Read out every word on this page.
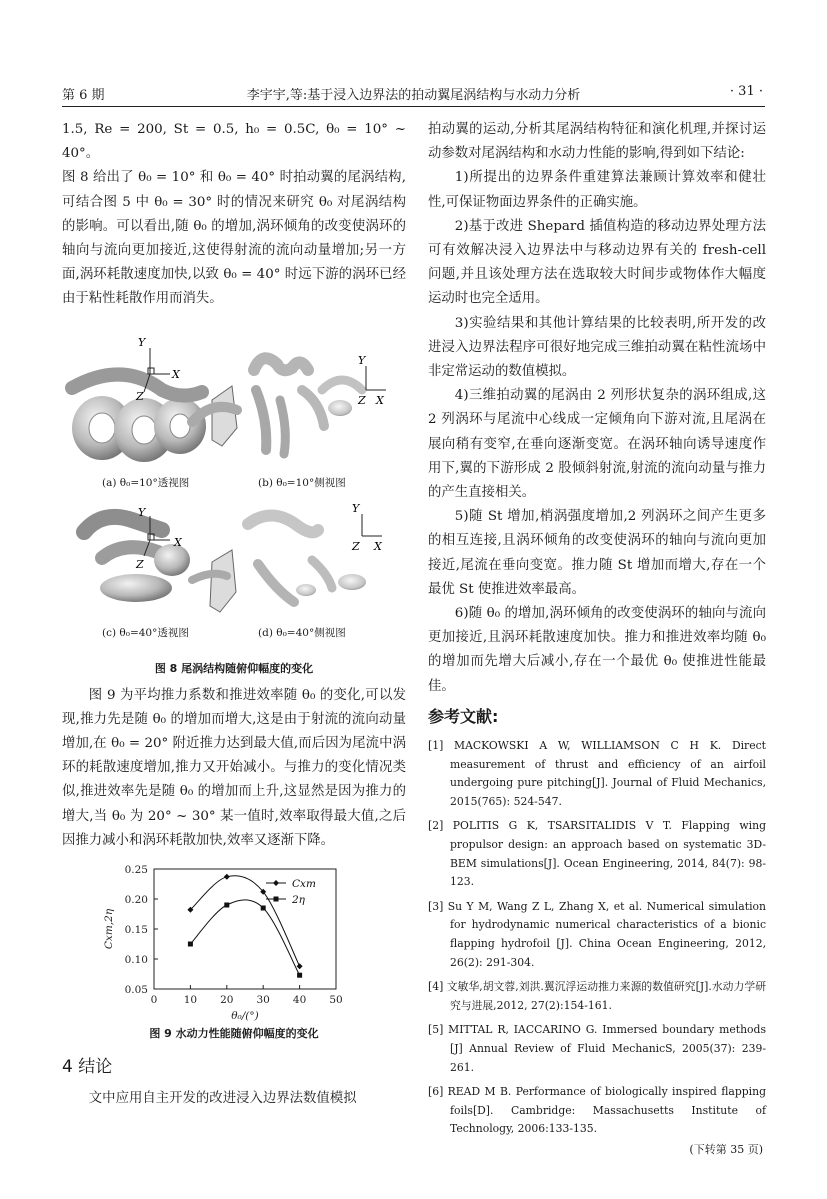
第 6 期	李宇宇,等:基于浸入边界法的拍动翼尾涡结构与水动力分析	· 31 ·

1.5, Re = 200, St = 0.5, h₀ = 0.5C, θ₀ = 10° ~ 40°。

图 8 给出了 θ₀ = 10° 和 θ₀ = 40° 时拍动翼的尾涡结构,可结合图 5 中 θ₀ = 30° 时的情况来研究 θ₀ 对尾涡结构的影响。可以看出,随 θ₀ 的增加,涡环倾角的改变使涡环的轴向与流向更加接近,这使得射流的流向动量增加;另一方面,涡环耗散速度加快,以致 θ₀ = 40° 时远下游的涡环已经由于粘性耗散作用而消失。

Y
X
Z
Y
Z X
Y
X
Z
Y
Z X
(a) θ₀=10°透视图	(b) θ₀=10°侧视图
(c) θ₀=40°透视图	(d) θ₀=40°侧视图
图 8 尾涡结构随俯仰幅度的变化

图 9 为平均推力系数和推进效率随 θ₀ 的变化,可以发现,推力先是随 θ₀ 的增加而增大,这是由于射流的流向动量增加,在 θ₀ = 20° 附近推力达到最大值,而后因为尾流中涡环的耗散速度增加,推力又开始减小。与推力的变化情况类似,推进效率先是随 θ₀ 的增加而上升,这显然是因为推力的增大,当 θ₀ 为 20° ~ 30° 某一值时,效率取得最大值,之后因推力减小和涡环耗散加快,效率又逐渐下降。

0	10 20 30 40 50
0.05
0.10
0.15
0.20
0.25
θ₀/(°)
Cxm,2η
Cxm
2η
图 9 水动力性能随俯仰幅度的变化
4 结论

文中应用自主开发的改进浸入边界法数值模拟

拍动翼的运动,分析其尾涡结构特征和演化机理,并探讨运动参数对尾涡结构和水动力性能的影响,得到如下结论:

1)所提出的边界条件重建算法兼顾计算效率和健壮性,可保证物面边界条件的正确实施。

2)基于改进 Shepard 插值构造的移动边界处理方法可有效解决浸入边界法中与移动边界有关的 fresh-cell 问题,并且该处理方法在选取较大时间步或物体作大幅度运动时也完全适用。

3)实验结果和其他计算结果的比较表明,所开发的改进浸入边界法程序可很好地完成三维拍动翼在粘性流场中非定常运动的数值模拟。

4)三维拍动翼的尾涡由 2 列形状复杂的涡环组成,这 2 列涡环与尾流中心线成一定倾角向下游对流,且尾涡在展向稍有变窄,在垂向逐渐变宽。在涡环轴向诱导速度作用下,翼的下游形成 2 股倾斜射流,射流的流向动量与推力的产生直接相关。

5)随 St 增加,梢涡强度增加,2 列涡环之间产生更多的相互连接,且涡环倾角的改变使涡环的轴向与流向更加接近,尾流在垂向变宽。推力随 St 增加而增大,存在一个最优 St 使推进效率最高。

6)随 θ₀ 的增加,涡环倾角的改变使涡环的轴向与流向更加接近,且涡环耗散速度加快。推力和推进效率均随 θ₀ 的增加而先增大后减小,存在一个最优 θ₀ 使推进性能最佳。

参考文献:

[1] MACKOWSKI A W, WILLIAMSON C H K. Direct measurement of thrust and efficiency of an airfoil undergoing pure pitching[J]. Journal of Fluid Mechanics, 2015(765): 524-547.

[2] POLITIS G K, TSARSITALIDIS V T. Flapping wing propulsor design: an approach based on systematic 3D-BEM simulations[J]. Ocean Engineering, 2014, 84(7): 98-123.

[3] Su Y M, Wang Z L, Zhang X, et al. Numerical simulation for hydrodynamic numerical characteristics of a bionic flapping hydrofoil [J]. China Ocean Engineering, 2012, 26(2): 291-304.

[4] 文敏华,胡文蓉,刘洪.翼沉浮运动推力来源的数值研究[J].水动力学研究与进展,2012, 27(2):154-161.

[5] MITTAL R, IACCARINO G. Immersed boundary methods [J] Annual Review of Fluid MechanicS, 2005(37): 239-261.

[6] READ M B. Performance of biologically inspired flapping foils[D]. Cambridge: Massachusetts Institute of Technology, 2006:133-135.

(下转第 35 页)
